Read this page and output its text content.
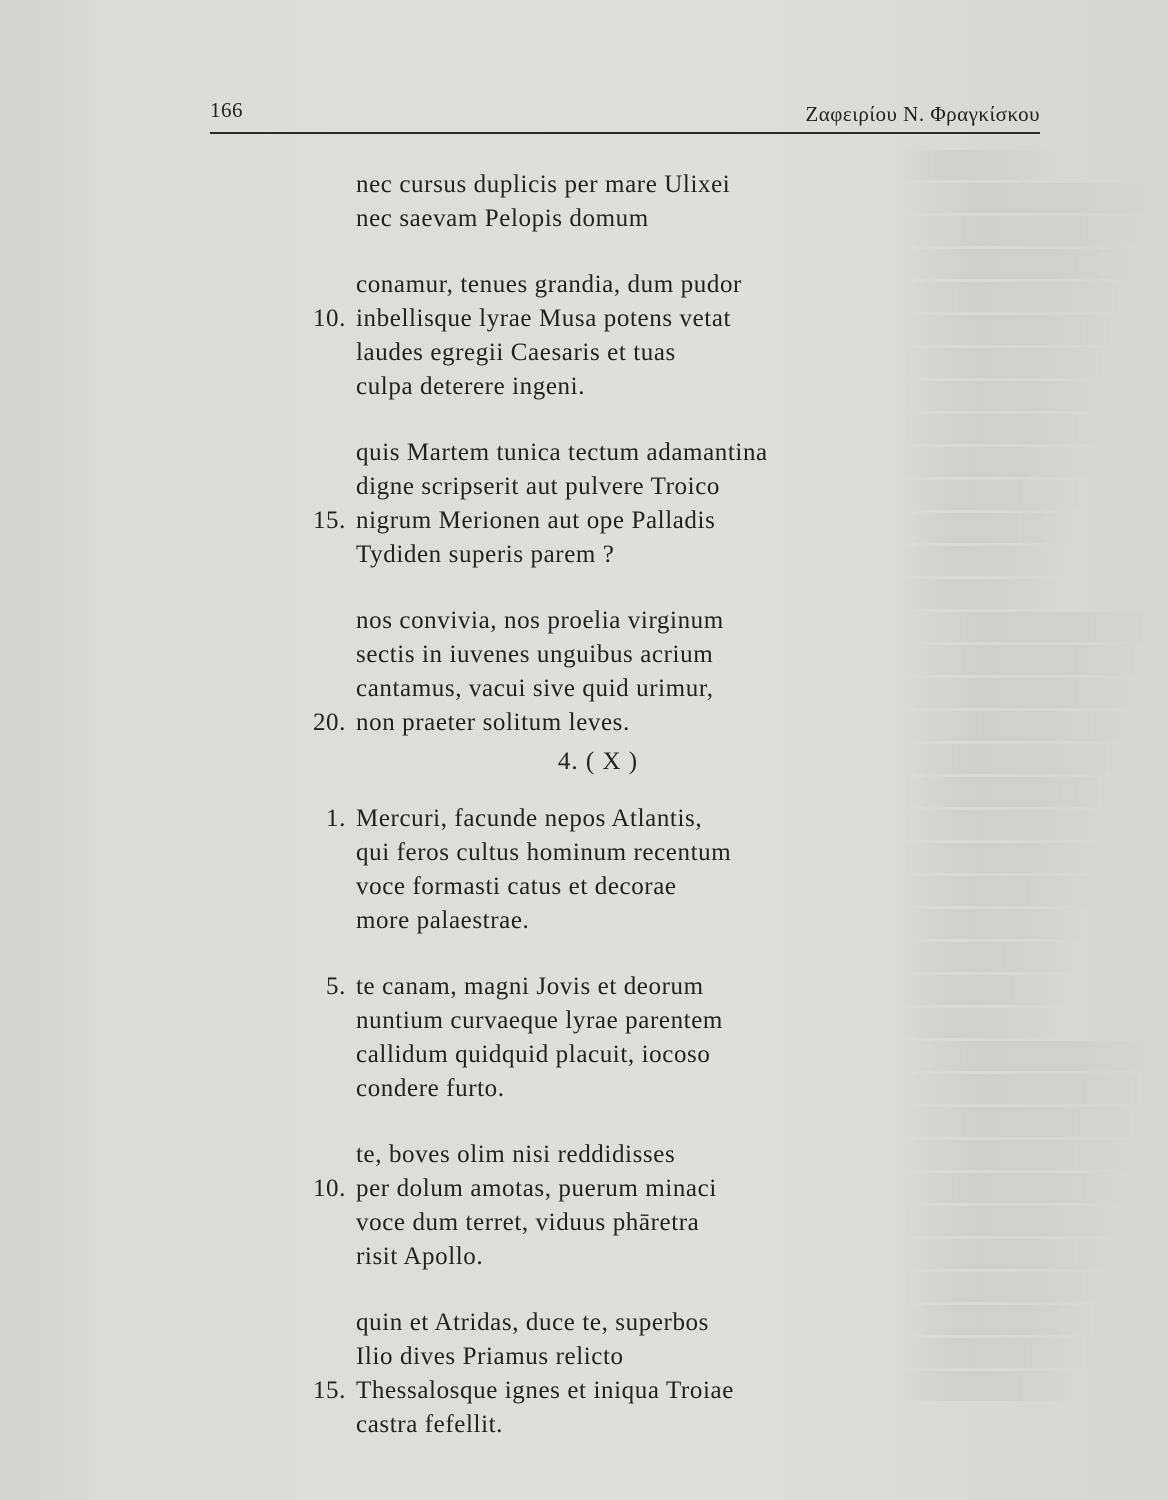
166	Ζαφειρίου Ν. Φραγκίσκου
nec cursus duplicis per mare Ulixei
nec saevam Pelopis domum
conamur, tenues grandia, dum pudor
10. inbellisque lyrae Musa potens vetat
laudes egregii Caesaris et tuas
culpa deterere ingeni.
quis Martem tunica tectum adamantina
digne scripserit aut pulvere Troico
15. nigrum Merionen aut ope Palladis
Tydiden superis parem ?
nos convivia, nos proelia virginum
sectis in iuvenes unguibus acrium
cantamus, vacui sive quid urimur,
20. non praeter solitum leves.
4. ( X )
1. Mercuri, facunde nepos Atlantis,
qui feros cultus hominum recentum
voce formasti catus et decorae
more palaestrae.
5. te canam, magni Jovis et deorum
nuntium curvaeque lyrae parentem
callidum quidquid placuit, iocoso
condere furto.
te, boves olim nisi reddidisses
10. per dolum amotas, puerum minaci
voce dum terret, viduus phāretra
risit Apollo.
quin et Atridas, duce te, superbos
Ilio dives Priamus relicto
15. Thessalosque ignes et iniqua Troiae
castra fefellit.
